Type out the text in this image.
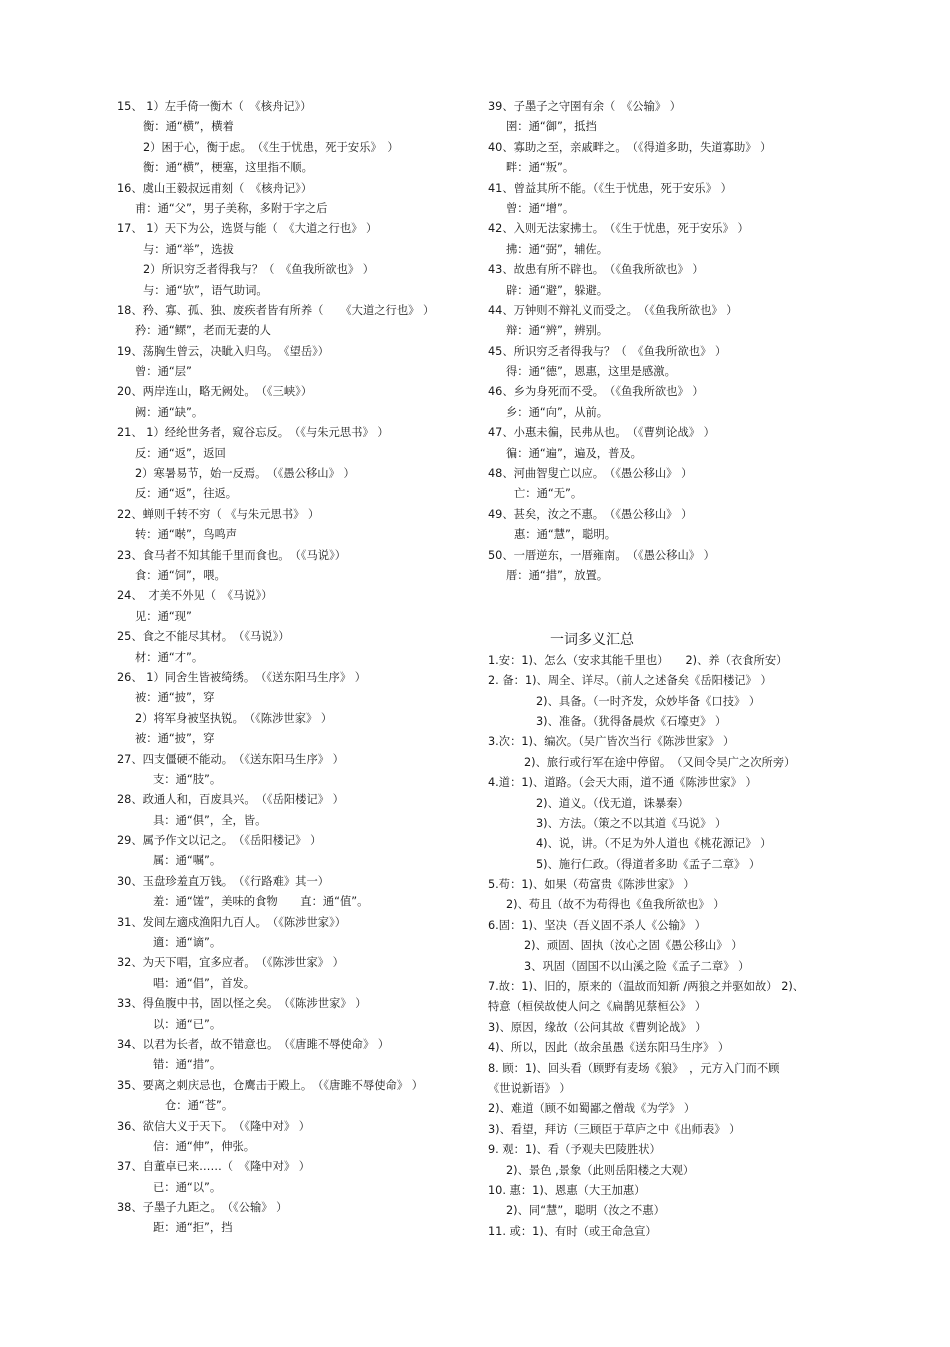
15、 1）左手倚一衡木（　《核舟记》）
衡：通“横”，横着
2）困于心，衡于虑。　（《生于忧患，死于安乐》　）
衡：通“横”，梗塞，这里指不顺。
16、虞山王毅叔远甫刻（　《核舟记》）
甫：通“父”，男子美称，多附于字之后
17、 1）天下为公，选贤与能（　《大道之行也》 ）
与：通“举”，选拔
2）所识穷乏者得我与？（　《鱼我所欲也》 ）
与：通“欤”，语气助词。
18、矜、寡、孤、独、废疾者皆有所养（　　《大道之行也》 ）
矜：通“鳏”，老而无妻的人
19、荡胸生曾云，决眦入归鸟。　《望岳》）
曾：通“层”
20、两岸连山，略无阙处。　（《三峡》）
阙：通“缺”。
21、 1）经纶世务者，窥谷忘反。　（《与朱元思书》 ）
反：通“返”，返回
2）寒暑易节，始一反焉。　（《愚公移山》 ）
反：通“返”，往返。
22、蝉则千转不穷（ 《与朱元思书》 ）
转：通“啭”，鸟鸣声
23、食马者不知其能千里而食也。　（《马说》）
食：通“饲”，喂。
24、　才美不外见（　《马说》）
见：通“现”
25、食之不能尽其材。　（《马说》）
材：通“才”。
26、 1）同舍生皆被绮绣。　（《送东阳马生序》 ）
被：通“披”，穿
2）将军身被坚执锐。　（《陈涉世家》 ）
被：通“披”，穿
27、四支僵硬不能动。　（《送东阳马生序》 ）
支：通“肢”。
28、政通人和，百废具兴。　（《岳阳楼记》 ）
具：通“俱”，全，皆。
29、属予作文以记之。　（《岳阳楼记》 ）
属：通“嘱”。
30、玉盘珍羞直万钱。　（《行路难》其一）
羞：通“馐”，美味的食物　　直：通“值”。
31、发闾左適戍渔阳九百人。　（《陈涉世家》）
適：通“谪”。
32、为天下唱，宜多应者。　（《陈涉世家》 ）
唱：通“倡”，首发。
33、得鱼腹中书，固以怪之矣。　（《陈涉世家》 ）
以：通“已”。
34、以君为长者，故不错意也。　（《唐雎不辱使命》 ）
错：通“措”。
35、要离之刺庆忌也，仓鹰击于殿上。　（《唐雎不辱使命》 ）
仓：通“苍”。
36、欲信大义于天下。　（《隆中对》 ）
信：通“伸”，伸张。
37、自董卓已来……（　《隆中对》 ）
已：通“以”。
38、子墨子九距之。　（《公输》 ）
距：通“拒”，挡
39、子墨子之守圉有余（　《公输》 ）
圉：通“御”，抵挡
40、寡助之至，亲戚畔之。　（《得道多助，失道寡助》 ）
畔：通“叛”。
41、曾益其所不能。（《生于忧患，死于安乐》 ）
曾：通“增”。
42、入则无法家拂士。　（《生于忧患，死于安乐》 ）
拂：通“弼”，辅佐。
43、故患有所不辟也。　（《鱼我所欲也》 ）
辟：通“避”，躲避。
44、万钟则不辩礼义而受之。　（《鱼我所欲也》 ）
辩：通“辨”，辨别。
45、所识穷乏者得我与？（　《鱼我所欲也》 ）
得：通“德”，恩惠，这里是感激。
46、乡为身死而不受。　（《鱼我所欲也》 ）
乡：通“向”，从前。
47、小惠未徧，民弗从也。　（《曹刿论战》 ）
徧：通“遍”，遍及，普及。
48、河曲智叟亡以应。　（《愚公移山》 ）
亡：通“无”。
49、甚矣，汝之不惠。　（《愚公移山》 ）
惠：通“慧”，聪明。
50、一厝逆东，一厝雍南。　（《愚公移山》 ）
厝：通“措”，放置。
一词多义汇总
1.安：1)、怎么（安求其能千里也）　　2)、养（衣食所安）
2. 备：1)、周全、详尽。（前人之述备矣《岳阳楼记》 ）
2)、具备。（一时齐发，众妙毕备《口技》 ）
3)、准备。（犹得备晨炊《石壕吏》 ）
3.次：1)、编次。（吴广皆次当行《陈涉世家》 ）
2)、旅行或行军在途中停留。　（又间令吴广之次所旁）
4.道：1)、道路。（会天大雨，道不通《陈涉世家》 ）
2)、道义。（伐无道，诛暴秦）
3)、方法。（策之不以其道《马说》 ）
4)、说，讲。（不足为外人道也《桃花源记》 ）
5)、施行仁政。（得道者多助《孟子二章》 ）
5.苟：1)、如果（苟富贵《陈涉世家》 ）
2)、苟且（故不为苟得也《鱼我所欲也》 ）
6.固：1)、坚决（吾义固不杀人《公输》 ）
2)、顽固、固执（汝心之固《愚公移山》 ）
3、巩固（固国不以山溪之险《孟子二章》 ）
7.故：1)、旧的，原来的（温故而知新 /两狼之并驱如故） 2)、
特意（桓侯故使人问之《扁鹊见蔡桓公》 ）
3)、原因，缘故（公问其故《曹刿论战》 ）
4)、所以，因此（故余虽愚《送东阳马生序》 ）
8. 顾：1)、回头看（顾野有麦场《狼》　，元方入门而不顾
《世说新语》 ）
2)、难道（顾不如蜀鄙之僧哉《为学》 ）
3)、看望，拜访（三顾臣于草庐之中《出师表》 ）
9. 观：1)、看（予观夫巴陵胜状）
2)、景色 ,景象（此则岳阳楼之大观）
10. 惠：1)、恩惠（大王加惠）
2)、同“慧”，聪明（汝之不惠）
11. 或：1)、有时（或王命急宣）
